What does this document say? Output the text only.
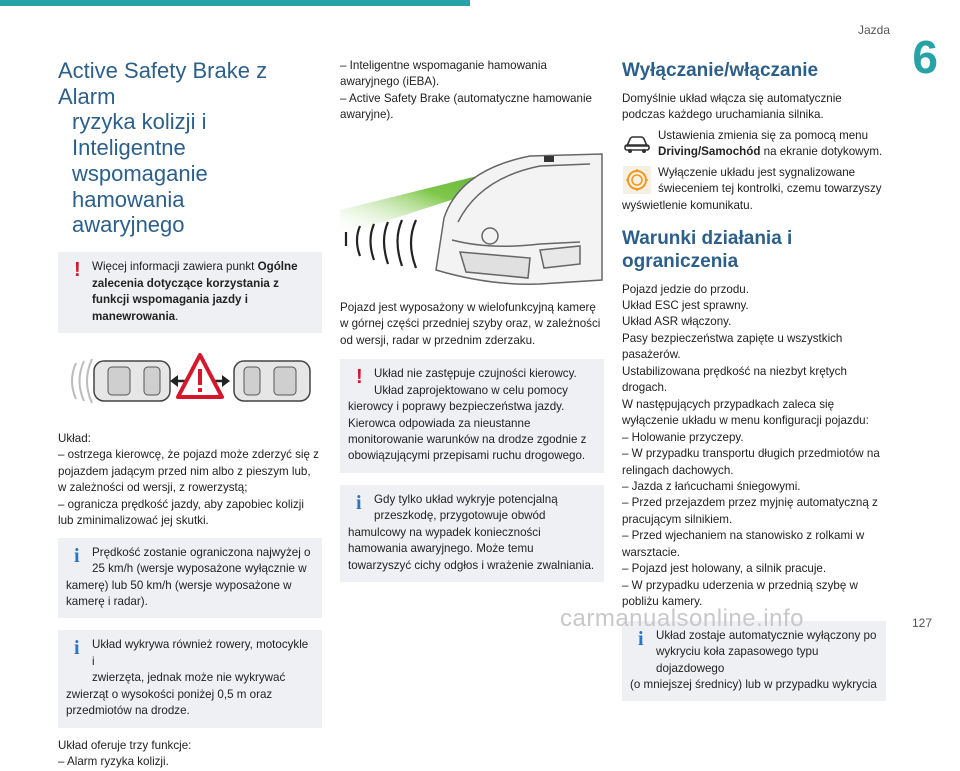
Jazda
6
Active Safety Brake z Alarm
ryzyka kolizji i Inteligentne
wspomaganie hamowania
awaryjnego
! Więcej informacji zawiera punkt Ogólne zalecenia dotyczące korzystania z funkcji wspomagania jazdy i manewrowania.

Układ:

– ostrzega kierowcę, że pojazd może zderzyć się z pojazdem jadącym przed nim albo z pieszym lub, w zależności od wersji, z rowerzystą;

– ogranicza prędkość jazdy, aby zapobiec kolizji lub zminimalizować jej skutki.

i	Prędkość zostanie ograniczona najwyżej o
25 km/h (wersje wyposażone wyłącznie w kamerę) lub 50 km/h (wersje wyposażone w kamerę i radar).
i	Układ wykrywa również rowery, motocykle i
zwierzęta, jednak może nie wykrywać zwierząt o wysokości poniżej 0,5 m oraz przedmiotów na drodze.

Układ oferuje trzy funkcje:

– Alarm ryzyka kolizji.

– Inteligentne wspomaganie hamowania awaryjnego (iEBA).

– Active Safety Brake (automatyczne hamowanie awaryjne).

Pojazd jest wyposażony w wielofunkcyjną kamerę w górnej części przedniej szyby oraz, w zależności od wersji, radar w przednim zderzaku.

! Układ nie zastępuje czujności kierowcy.
Układ zaprojektowano w celu pomocy
kierowcy i poprawy bezpieczeństwa jazdy. Kierowca odpowiada za nieustanne monitorowanie warunków na drodze zgodnie z obowiązującymi przepisami ruchu drogowego.
i	Gdy tylko układ wykryje potencjalną
przeszkodę, przygotowuje obwód hamulcowy na wypadek konieczności hamowania awaryjnego. Może temu towarzyszyć cichy odgłos i wrażenie zwalniania.
Wyłączanie/włączanie

Domyślnie układ włącza się automatycznie podczas każdego uruchamiania silnika.

Ustawienia zmienia się za pomocą menu Driving/Samochód na ekranie dotykowym.

Wyłączenie układu jest sygnalizowane
świeceniem tej kontrolki, czemu towarzyszy

wyświetlenie komunikatu.

Warunki działania i ograniczenia
Pojazd jedzie do przodu.
Układ ESC jest sprawny.
Układ ASR włączony.
Pasy bezpieczeństwa zapięte u wszystkich pasażerów.
Ustabilizowana prędkość na niezbyt krętych drogach.
W następujących przypadkach zaleca się wyłączenie układu w menu konfiguracji pojazdu:
– Holowanie przyczepy.
– W przypadku transportu długich przedmiotów na relingach dachowych.
– Jazda z łańcuchami śniegowymi.
– Przed przejazdem przez myjnię automatyczną z pracującym silnikiem.
– Przed wjechaniem na stanowisko z rolkami w warsztacie.
– Pojazd jest holowany, a silnik pracuje.
– W przypadku uderzenia w przednią szybę w pobliżu kamery.
i	Układ zostaje automatycznie wyłączony po
wykryciu koła zapasowego typu dojazdowego
(o mniejszej średnicy) lub w przypadku wykrycia
carmanualsonline.info	127
